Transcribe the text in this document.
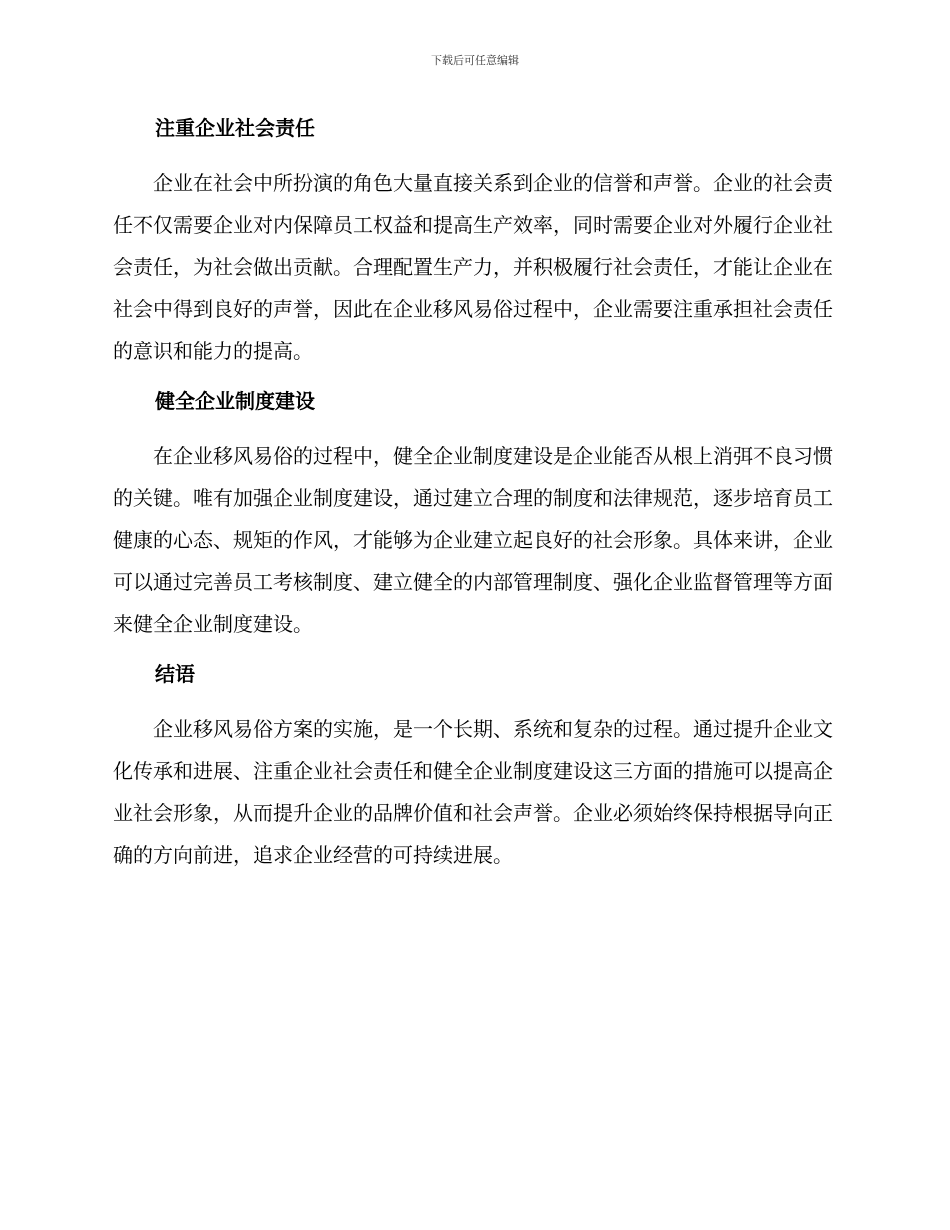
下载后可任意编辑
注重企业社会责任

企业在社会中所扮演的角色大量直接关系到企业的信誉和声誉。企业的社会责任不仅需要企业对内保障员工权益和提高生产效率，同时需要企业对外履行企业社会责任，为社会做出贡献。合理配置生产力，并积极履行社会责任，才能让企业在社会中得到良好的声誉，因此在企业移风易俗过程中，企业需要注重承担社会责任的意识和能力的提高。

健全企业制度建设

在企业移风易俗的过程中，健全企业制度建设是企业能否从根上消弭不良习惯的关键。唯有加强企业制度建设，通过建立合理的制度和法律规范，逐步培育员工健康的心态、规矩的作风，才能够为企业建立起良好的社会形象。具体来讲，企业可以通过完善员工考核制度、建立健全的内部管理制度、强化企业监督管理等方面来健全企业制度建设。

结语

企业移风易俗方案的实施，是一个长期、系统和复杂的过程。通过提升企业文化传承和进展、注重企业社会责任和健全企业制度建设这三方面的措施可以提高企业社会形象，从而提升企业的品牌价值和社会声誉。企业必须始终保持根据导向正确的方向前进，追求企业经营的可持续进展。
